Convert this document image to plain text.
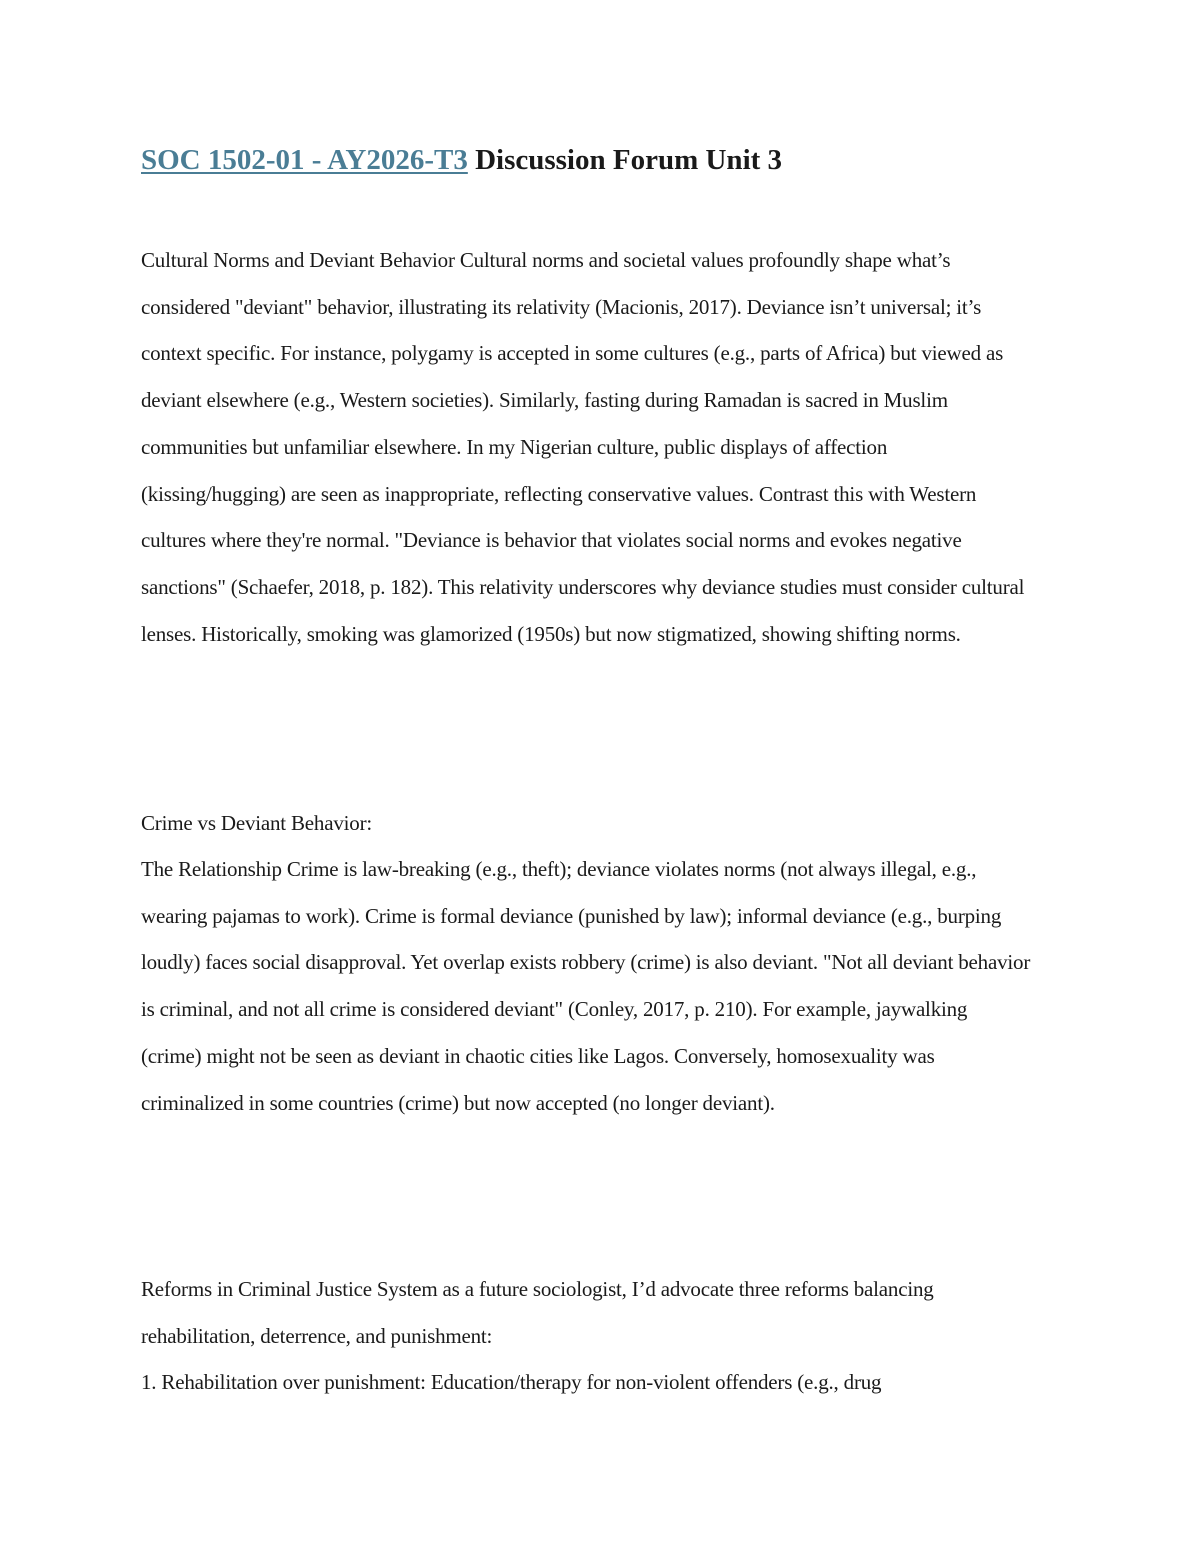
SOC 1502-01 - AY2026-T3 Discussion Forum Unit 3

Cultural Norms and Deviant Behavior Cultural norms and societal values profoundly shape what’s considered "deviant" behavior, illustrating its relativity (Macionis, 2017). Deviance isn’t universal; it’s context specific. For instance, polygamy is accepted in some cultures (e.g., parts of Africa) but viewed as deviant elsewhere (e.g., Western societies). Similarly, fasting during Ramadan is sacred in Muslim communities but unfamiliar elsewhere. In my Nigerian culture, public displays of affection (kissing/hugging) are seen as inappropriate, reflecting conservative values. Contrast this with Western cultures where they're normal. "Deviance is behavior that violates social norms and evokes negative sanctions" (Schaefer, 2018, p. 182). This relativity underscores why deviance studies must consider cultural lenses. Historically, smoking was glamorized (1950s) but now stigmatized, showing shifting norms.

Crime vs Deviant Behavior:

The Relationship Crime is law-breaking (e.g., theft); deviance violates norms (not always illegal, e.g., wearing pajamas to work). Crime is formal deviance (punished by law); informal deviance (e.g., burping loudly) faces social disapproval. Yet overlap exists robbery (crime) is also deviant. "Not all deviant behavior is criminal, and not all crime is considered deviant" (Conley, 2017, p. 210). For example, jaywalking (crime) might not be seen as deviant in chaotic cities like Lagos. Conversely, homosexuality was criminalized in some countries (crime) but now accepted (no longer deviant).

Reforms in Criminal Justice System as a future sociologist, I’d advocate three reforms balancing rehabilitation, deterrence, and punishment:

1. Rehabilitation over punishment: Education/therapy for non-violent offenders (e.g., drug
